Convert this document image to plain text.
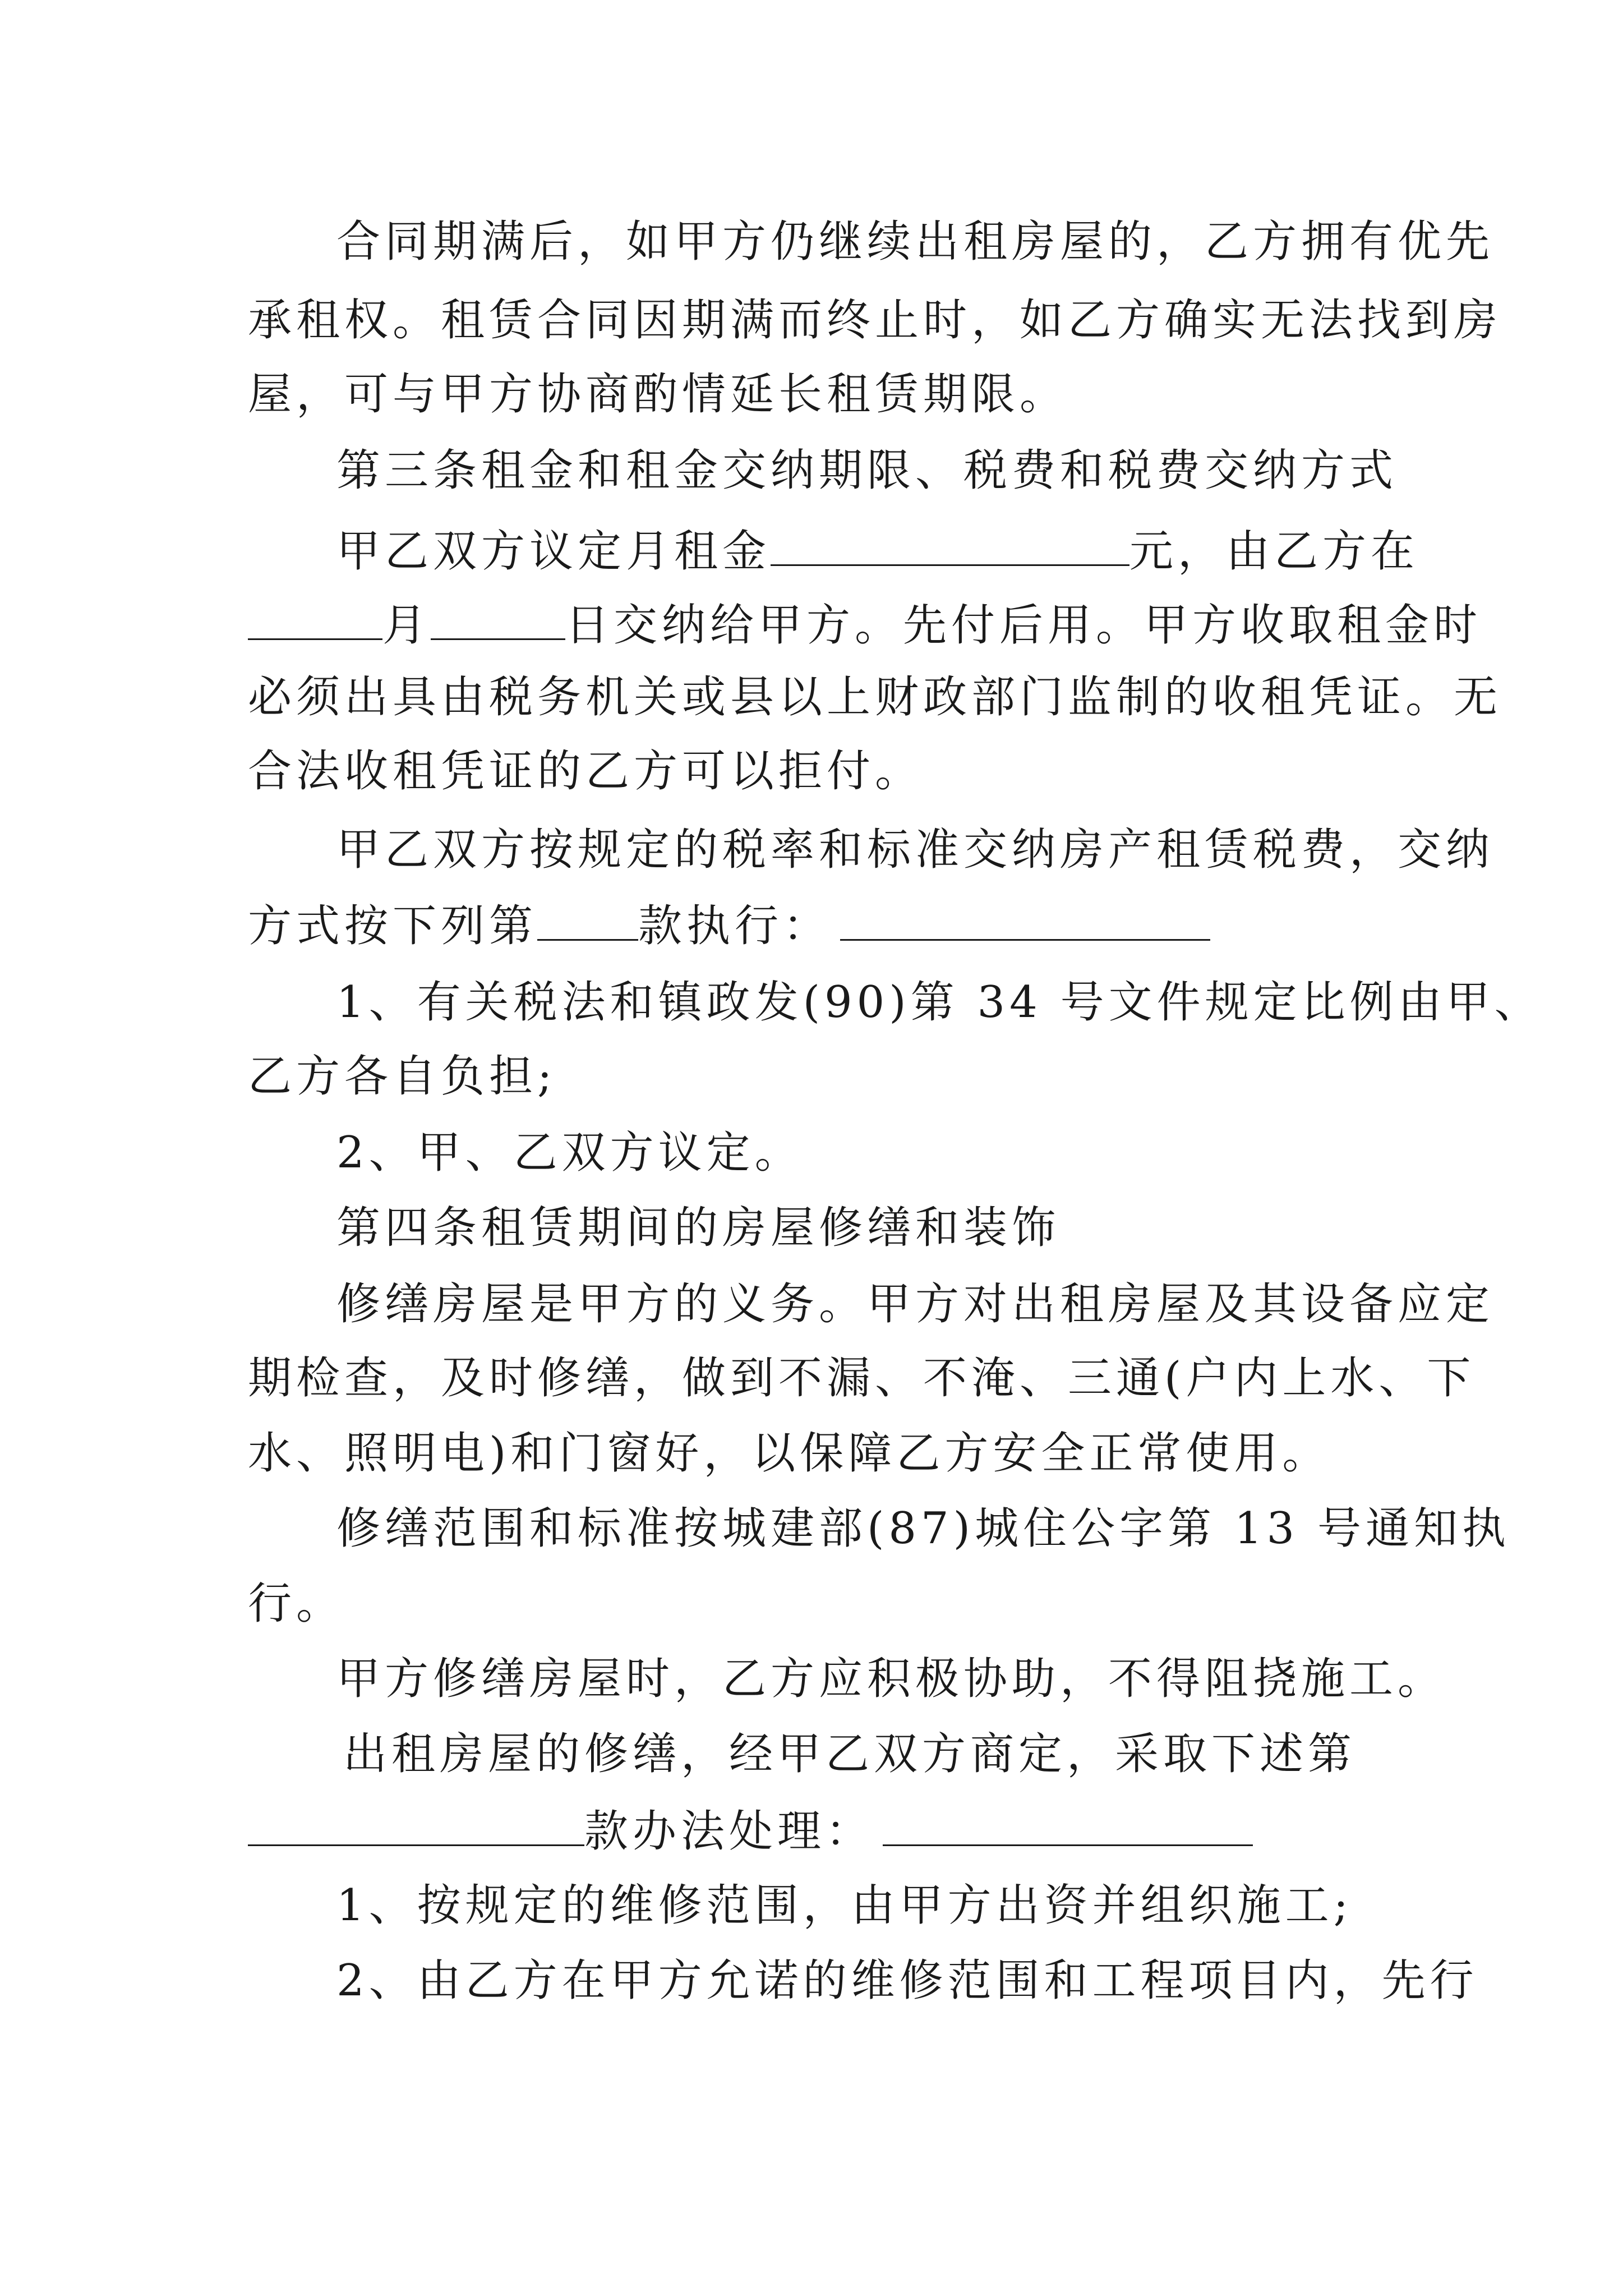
合同期满后，如甲方仍继续出租房屋的，乙方拥有优先
承租权。租赁合同因期满而终止时，如乙方确实无法找到房
屋，可与甲方协商酌情延长租赁期限。
第三条租金和租金交纳期限、税费和税费交纳方式
甲乙双方议定月租金	元，由乙方在
月	日交纳给甲方。先付后用。甲方收取租金时
必须出具由税务机关或县以上财政部门监制的收租凭证。无
合法收租凭证的乙方可以拒付。
甲乙双方按规定的税率和标准交纳房产租赁税费，交纳
方式按下列第 款执行：
1、有关税法和镇政发(90)第 34 号文件规定比例由甲、
乙方各自负担;
2、甲、乙双方议定。
第四条租赁期间的房屋修缮和装饰
修缮房屋是甲方的义务。甲方对出租房屋及其设备应定
期检查，及时修缮，做到不漏、不淹、三通(户内上水、下
水、照明电)和门窗好，以保障乙方安全正常使用。
修缮范围和标准按城建部(87)城住公字第 13 号通知执
行。
甲方修缮房屋时，乙方应积极协助，不得阻挠施工。
出租房屋的修缮，经甲乙双方商定，采取下述第
款办法处理：
1、按规定的维修范围，由甲方出资并组织施工;
2、由乙方在甲方允诺的维修范围和工程项目内，先行
